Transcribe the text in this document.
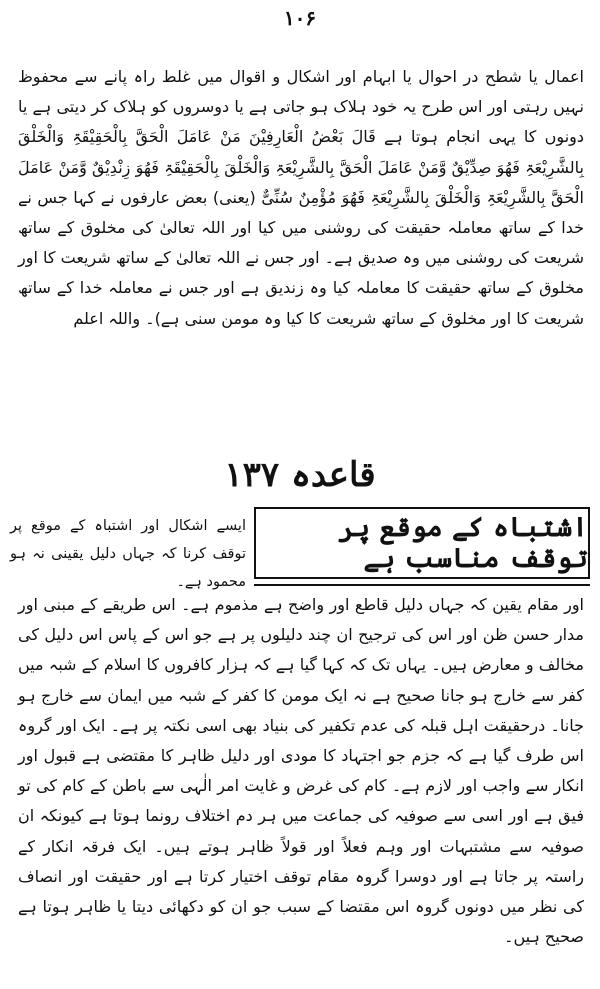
۱۰۶

اعمال یا شطح در احوال یا ابہام اور اشکال و اقوال میں غلط راہ پانے سے محفوظ نہیں رہتی اور اس طرح یہ خود ہلاک ہو جاتی ہے یا دوسروں کو ہلاک کر دیتی ہے یا دونوں کا یہی انجام ہوتا ہے قَالَ بَعْضُ الْعَارِفِیْنَ مَنْ عَامَلَ الْحَقَّ بِالْحَقِیْقَۃِ وَالْخَلْقَ بِالشَّرِیْعَۃِ فَھُوَ صِدِّیْقٌ وَّمَنْ عَامَلَ الْحَقَّ بِالشَّرِیْعَۃِ وَالْخَلْقَ بِالْحَقِیْقَۃِ فَھُوَ زِنْدِیْقٌ وَّمَنْ عَامَلَ الْحَقَّ بِالشَّرِیْعَۃِ وَالْخَلْقَ بِالشَّرِیْعَۃِ فَھُوَ مُؤْمِنٌ سُنِّیٌّ (یعنی) بعض عارفوں نے کہا جس نے خدا کے ساتھ معاملہ حقیقت کی روشنی میں کیا اور اللہ تعالیٰ کی مخلوق کے ساتھ شریعت کی روشنی میں وہ صدیق ہے۔ اور جس نے اللہ تعالیٰ کے ساتھ شریعت کا اور مخلوق کے ساتھ حقیقت کا معاملہ کیا وہ زندیق ہے اور جس نے معاملہ خدا کے ساتھ شریعت کا اور مخلوق کے ساتھ شریعت کا کیا وہ مومن سنی ہے)۔ واللہ اعلم

قاعدہ ۱۳۷
اشتباہ کے موقع پر توقف مناسب ہے

ایسے اشکال اور اشتباہ کے موقع پر توقف کرنا کہ جہاں دلیل یقینی نہ ہو محمود ہے۔

اور مقام یقین کہ جہاں دلیل قاطع اور واضح ہے مذموم ہے۔ اس طریقے کے مبنی اور مدار حسن ظن اور اس کی ترجیح ان چند دلیلوں پر ہے جو اس کے پاس اس دلیل کی مخالف و معارض ہیں۔ یہاں تک کہ کہا گیا ہے کہ ہزار کافروں کا اسلام کے شبہ میں کفر سے خارج ہو جانا صحیح ہے نہ ایک مومن کا کفر کے شبہ میں ایمان سے خارج ہو جانا۔ درحقیقت اہل قبلہ کی عدم تکفیر کی بنیاد بھی اسی نکتہ پر ہے۔ ایک اور گروہ اس طرف گیا ہے کہ جزم جو اجتہاد کا مودی اور دلیل ظاہر کا مقتضی ہے قبول اور انکار سے واجب اور لازم ہے۔ کام کی غرض و غایت امر الٰہی سے باطن کے کام کی تو فیق ہے اور اسی سے صوفیہ کی جماعت میں ہر دم اختلاف رونما ہوتا ہے کیونکہ ان صوفیہ سے مشتبہات اور وہم فعلاً اور قولاً ظاہر ہوتے ہیں۔ ایک فرقہ انکار کے راستہ پر جاتا ہے اور دوسرا گروہ مقام توقف اختیار کرتا ہے اور حقیقت اور انصاف کی نظر میں دونوں گروہ اس مقتضا کے سبب جو ان کو دکھائی دیتا یا ظاہر ہوتا ہے صحیح ہیں۔
